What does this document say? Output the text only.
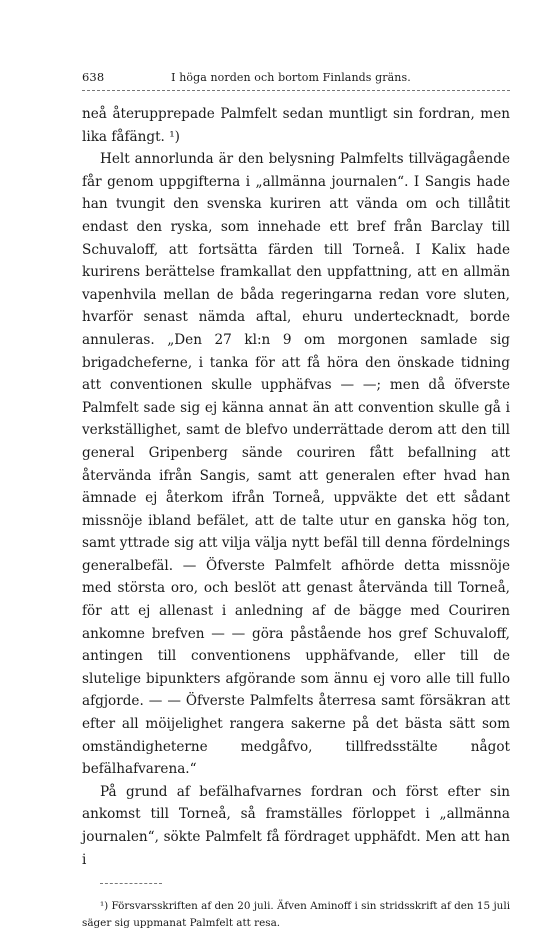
638	I höga norden och bortom Finlands gräns.

neå återupprepade Palmfelt sedan muntligt sin fordran, men lika fåfängt. ¹)

Helt annorlunda är den belysning Palmfelts tillvägagående får genom uppgifterna i „allmänna journalen“. I Sangis hade han tvungit den svenska kuriren att vända om och tillåtit endast den ryska, som innehade ett bref från Barclay till Schuvaloff, att fortsätta färden till Torneå. I Kalix hade kurirens berättelse framkallat den uppfattning, att en allmän vapenhvila mellan de båda regeringarna redan vore sluten, hvarför senast nämda aftal, ehuru undertecknadt, borde annuleras. „Den 27 kl:n 9 om morgonen samlade sig brigadcheferne, i tanka för att få höra den önskade tidning att conventionen skulle upphäfvas — —; men då öfverste Palmfelt sade sig ej känna annat än att convention skulle gå i verkställighet, samt de blefvo underrättade derom att den till general Gripenberg sände couriren fått befallning att återvända ifrån Sangis, samt att generalen efter hvad han ämnade ej återkom ifrån Torneå, uppväkte det ett sådant missnöje ibland befälet, att de talte utur en ganska hög ton, samt yttrade sig att vilja välja nytt befäl till denna fördelnings generalbefäl. — Öfverste Palmfelt afhörde detta missnöje med största oro, och beslöt att genast återvända till Torneå, för att ej allenast i anledning af de bägge med Couriren ankomne brefven — — göra påstående hos gref Schuvaloff, antingen till conventionens upphäfvande, eller till de slutelige bipunkters afgörande som ännu ej voro alle till fullo afgjorde. — — Öfverste Palmfelts återresa samt försäkran att efter all möijelighet rangera sakerne på det bästa sätt som omständigheterne medgåfvo, tillfredsstälte något befälhafvarena.“

På grund af befälhafvarnes fordran och först efter sin ankomst till Torneå, så framställes förloppet i „allmänna journalen“, sökte Palmfelt få fördraget upphäfdt. Men att han i

¹) Försvarsskriften af den 20 juli. Äfven Aminoff i sin stridsskrift af den 15 juli säger sig uppmanat Palmfelt att resa.
